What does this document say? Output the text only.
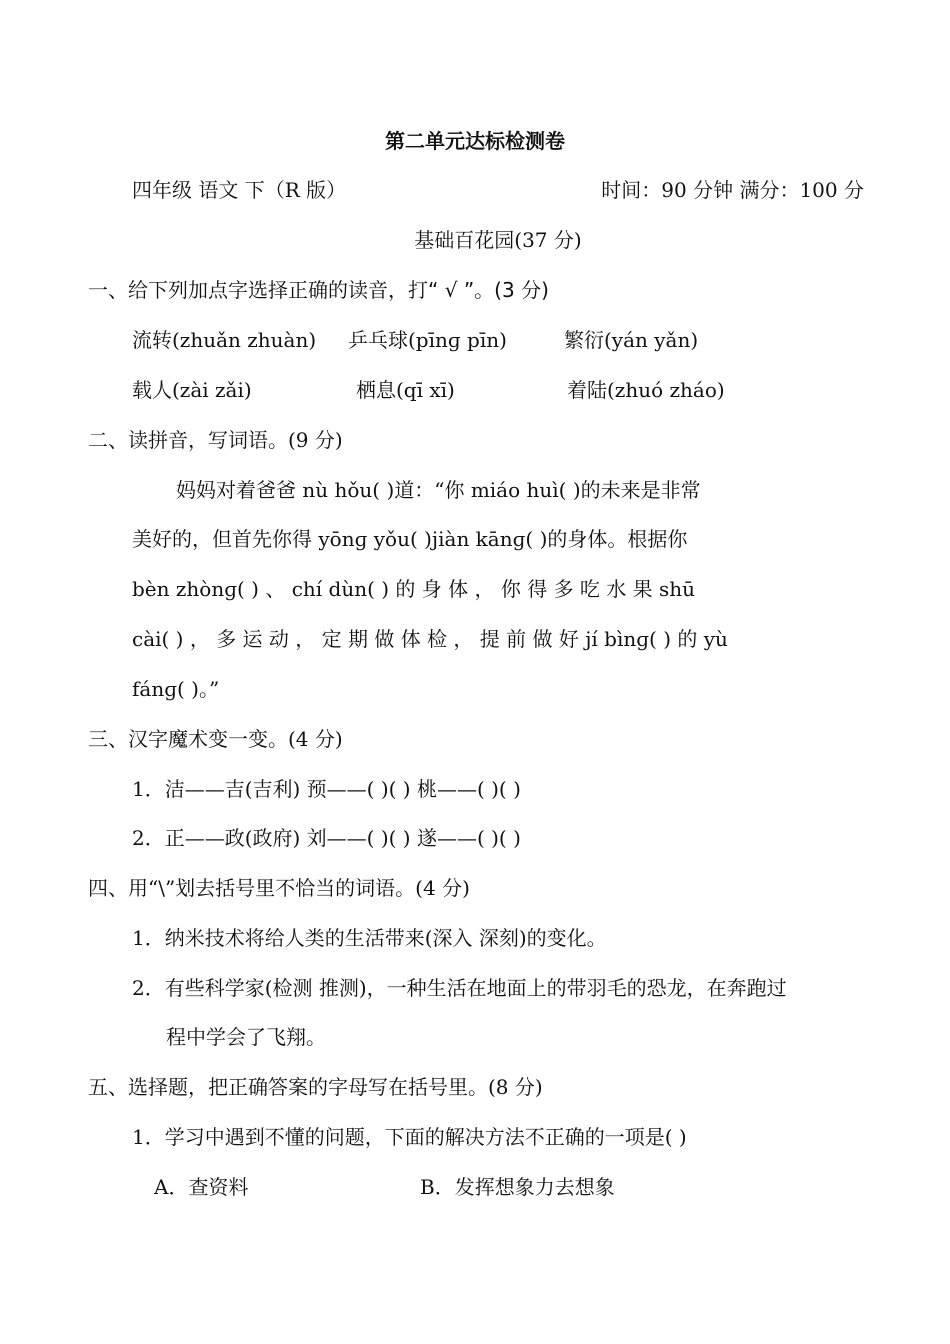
第二单元达标检测卷
四年级 语文 下（R 版）	时间：90 分钟 满分：100 分
基础百花园(37 分)
一、给下列加点字选择正确的读音，打“ √ ”。(3 分)
流转(zhuǎn zhuàn) 乒乓球(pīnɡ pīn)	繁衍(yán yǎn)
载人(zài zǎi)	栖息(qī xī)	着陆(zhuó zháo)
二、读拼音，写词语。(9 分)
妈妈对着爸爸 nù hǒu( )道：“你 miáo huì( )的未来是非常
美好的，但首先你得 yōnɡ yǒu( )jiàn kānɡ( )的身体。根据你
bèn zhònɡ( ) 、 chí dùn( ) 的 身 体 ， 你 得 多 吃 水 果 shū
cài( ) ， 多 运 动 ， 定 期 做 体 检 ， 提 前 做 好 jí bìnɡ( ) 的 yù
fánɡ( )。”
三、汉字魔术变一变。(4 分)
1．洁——吉(吉利) 预——( )( ) 桃——( )( )
2．正——政(政府) 刘——( )( ) 遂——( )( )
四、用“\”划去括号里不恰当的词语。(4 分)
1．纳米技术将给人类的生活带来(深入 深刻)的变化。
2．有些科学家(检测 推测)，一种生活在地面上的带羽毛的恐龙，在奔跑过
程中学会了飞翔。
五、选择题，把正确答案的字母写在括号里。(8 分)
1．学习中遇到不懂的问题，下面的解决方法不正确的一项是( )
A．查资料	B．发挥想象力去想象
